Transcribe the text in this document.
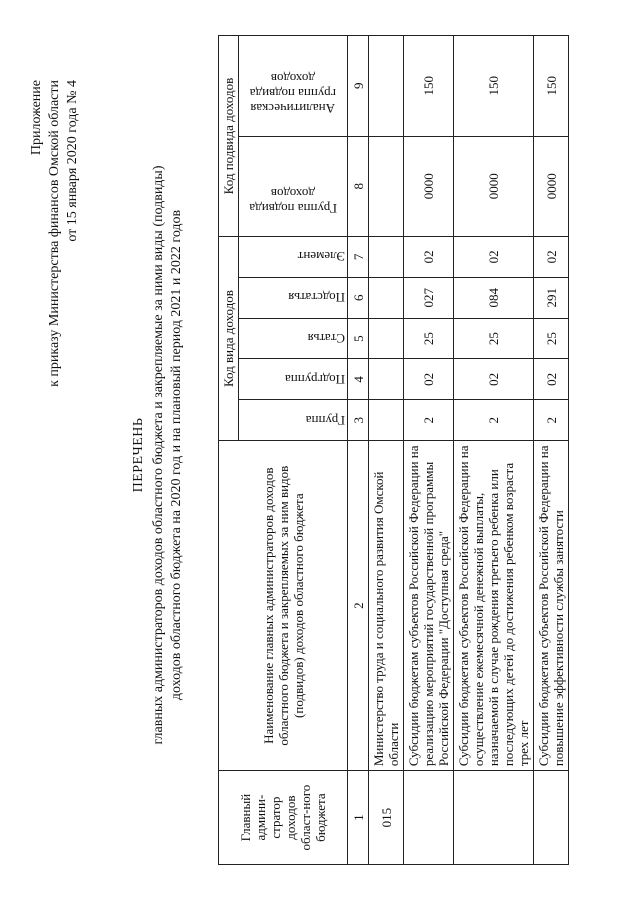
Приложение к приказу Министерства финансов Омской области от 15 января 2020 года № 4
ПЕРЕЧЕНЬ главных администраторов доходов областного бюджета и закрепляемые за ними виды (подвиды) доходов областного бюджета на 2020 год и на плановый период 2021 и 2022 годов
Главный админи-стратор доходов област-ного бюджета	Наименование главных администраторов доходов областного бюджета и закрепляемых за ним видов (подвидов) доходов областного бюджета	Код вида доходов					Код подвида доходов	

		Группа	Подгруппа	Статья	Подстатья	Элемент	Группа подвида доходов	Аналитическая группа подвида доходов

1	2	3	4	5	6	7	8	9
015	Министерство труда и социального развития Омской области							
	Субсидии бюджетам субъектов Российской Федерации на реализацию мероприятий государственной программы Российской Федерации "Доступная среда"	2	02	25	027	02	0000	150
	Субсидии бюджетам субъектов Российской Федерации на осуществление ежемесячной денежной выплаты, назначаемой в случае рождения третьего ребенка или последующих детей до достижения ребенком возраста трех лет	2	02	25	084	02	0000	150
	Субсидии бюджетам субъектов Российской Федерации на повышение эффективности службы занятости	2	02	25	291	02	0000	150
